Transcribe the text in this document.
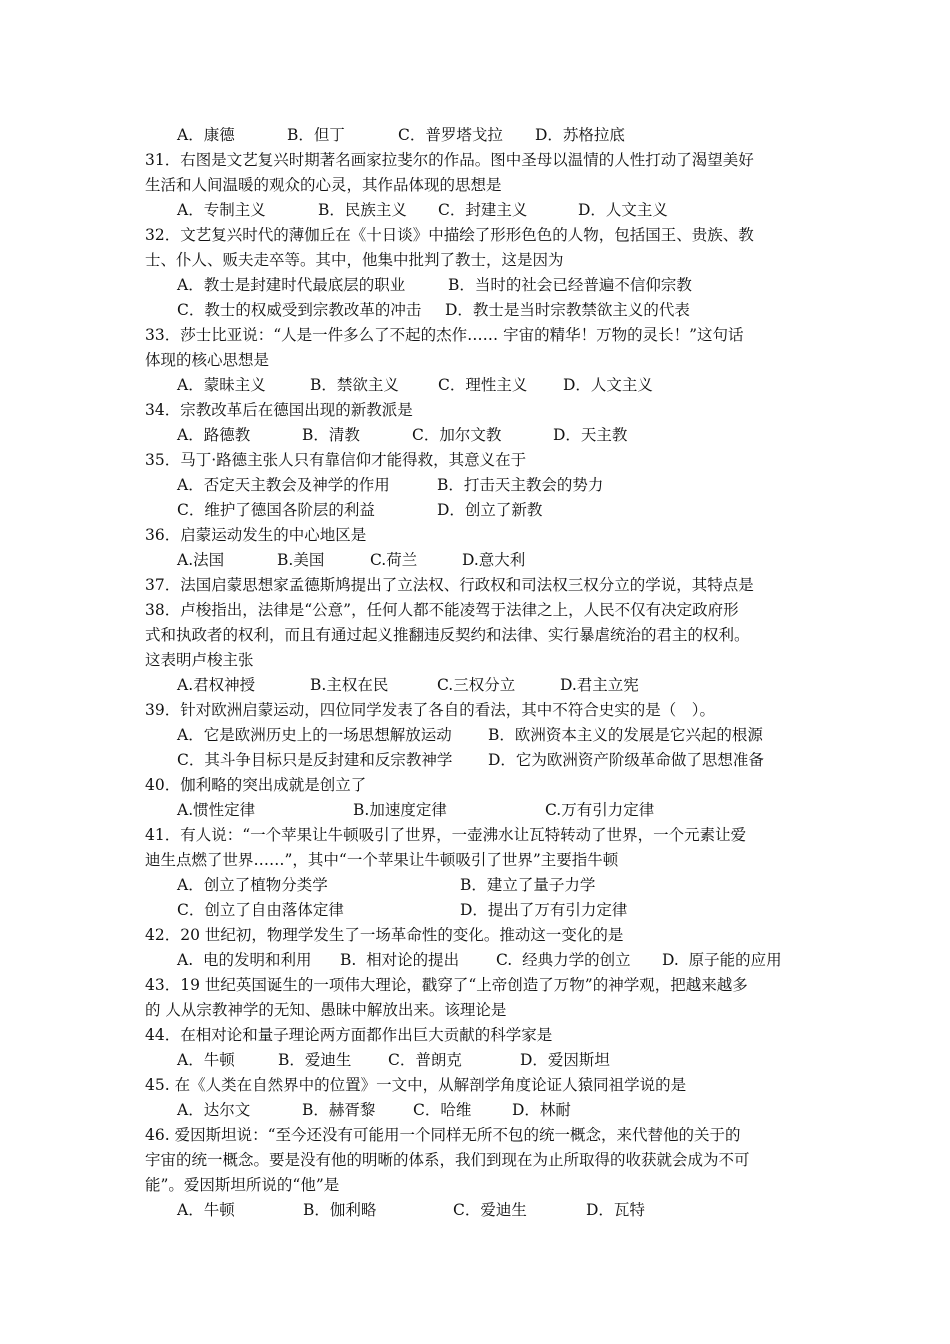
A．康德	B．但丁	C．普罗塔戈拉 D．苏格拉底
31．右图是文艺复兴时期著名画家拉斐尔的作品。图中圣母以温情的人性打动了渴望美好
生活和人间温暖的观众的心灵，其作品体现的思想是
A．专制主义	B．民族主义 C．封建主义	D．人文主义
32．文艺复兴时代的薄伽丘在《十日谈》中描绘了形形色色的人物，包括国王、贵族、教
士、仆人、贩夫走卒等。其中，他集中批判了教士，这是因为
A．教士是封建时代最底层的职业	B．当时的社会已经普遍不信仰宗教
C．教士的权威受到宗教改革的冲击 D．教士是当时宗教禁欲主义的代表
33．莎士比亚说：“人是一件多么了不起的杰作…… 宇宙的精华！万物的灵长！”这句话
体现的核心思想是
A．蒙昧主义	B．禁欲主义	C．理性主义 D．人文主义
34．宗教改革后在德国出现的新教派是
A．路德教	B．清教	C．加尔文教	D．天主教
35．马丁·路德主张人只有靠信仰才能得救，其意义在于
A．否定天主教会及神学的作用	B．打击天主教会的势力
C．维护了德国各阶层的利益	D．创立了新教
36．启蒙运动发生的中心地区是
A.法国	B.美国	C.荷兰	D.意大利
37．法国启蒙思想家孟德斯鸠提出了立法权、行政权和司法权三权分立的学说，其特点是
38．卢梭指出，法律是“公意”，任何人都不能凌驾于法律之上，人民不仅有决定政府形
式和执政者的权利，而且有通过起义推翻违反契约和法律、实行暴虐统治的君主的权利。
这表明卢梭主张
A.君权神授	B.主权在民	C.三权分立	D.君主立宪
39．针对欧洲启蒙运动，四位同学发表了各自的看法，其中不符合史实的是（　）。
A．它是欧洲历史上的一场思想解放运动 B．欧洲资本主义的发展是它兴起的根源
C．其斗争目标只是反封建和反宗教神学 D．它为欧洲资产阶级革命做了思想准备
40．伽利略的突出成就是创立了
A.惯性定律	B.加速度定律	C.万有引力定律
41．有人说：“一个苹果让牛顿吸引了世界，一壶沸水让瓦特转动了世界，一个元素让爱
迪生点燃了世界……”，其中“一个苹果让牛顿吸引了世界”主要指牛顿
A．创立了植物分类学	B．建立了量子力学
C．创立了自由落体定律	D．提出了万有引力定律
42．20 世纪初，物理学发生了一场革命性的变化。推动这一变化的是
A.  电的发明和利用 B.  相对论的提出 C.  经典力学的创立 D.  原子能的应用
43．19 世纪英国诞生的一项伟大理论，戳穿了“上帝创造了万物”的神学观，把越来越多
的 人从宗教神学的无知、愚昧中解放出来。该理论是
44．在相对论和量子理论两方面都作出巨大贡献的科学家是
A．牛顿	B．爱迪生 C．普朗克	D．爱因斯坦
45. 在《人类在自然界中的位置》一文中，从解剖学角度论证人猿同祖学说的是
A．达尔文	B．赫胥黎 C．哈维	D．林耐
46. 爱因斯坦说：“至今还没有可能用一个同样无所不包的统一概念，来代替他的关于的
宇宙的统一概念。要是没有他的明晰的体系，我们到现在为止所取得的收获就会成为不可
能”。爱因斯坦所说的“他”是
A．牛顿	B．伽利略	C．爱迪生	D．瓦特
